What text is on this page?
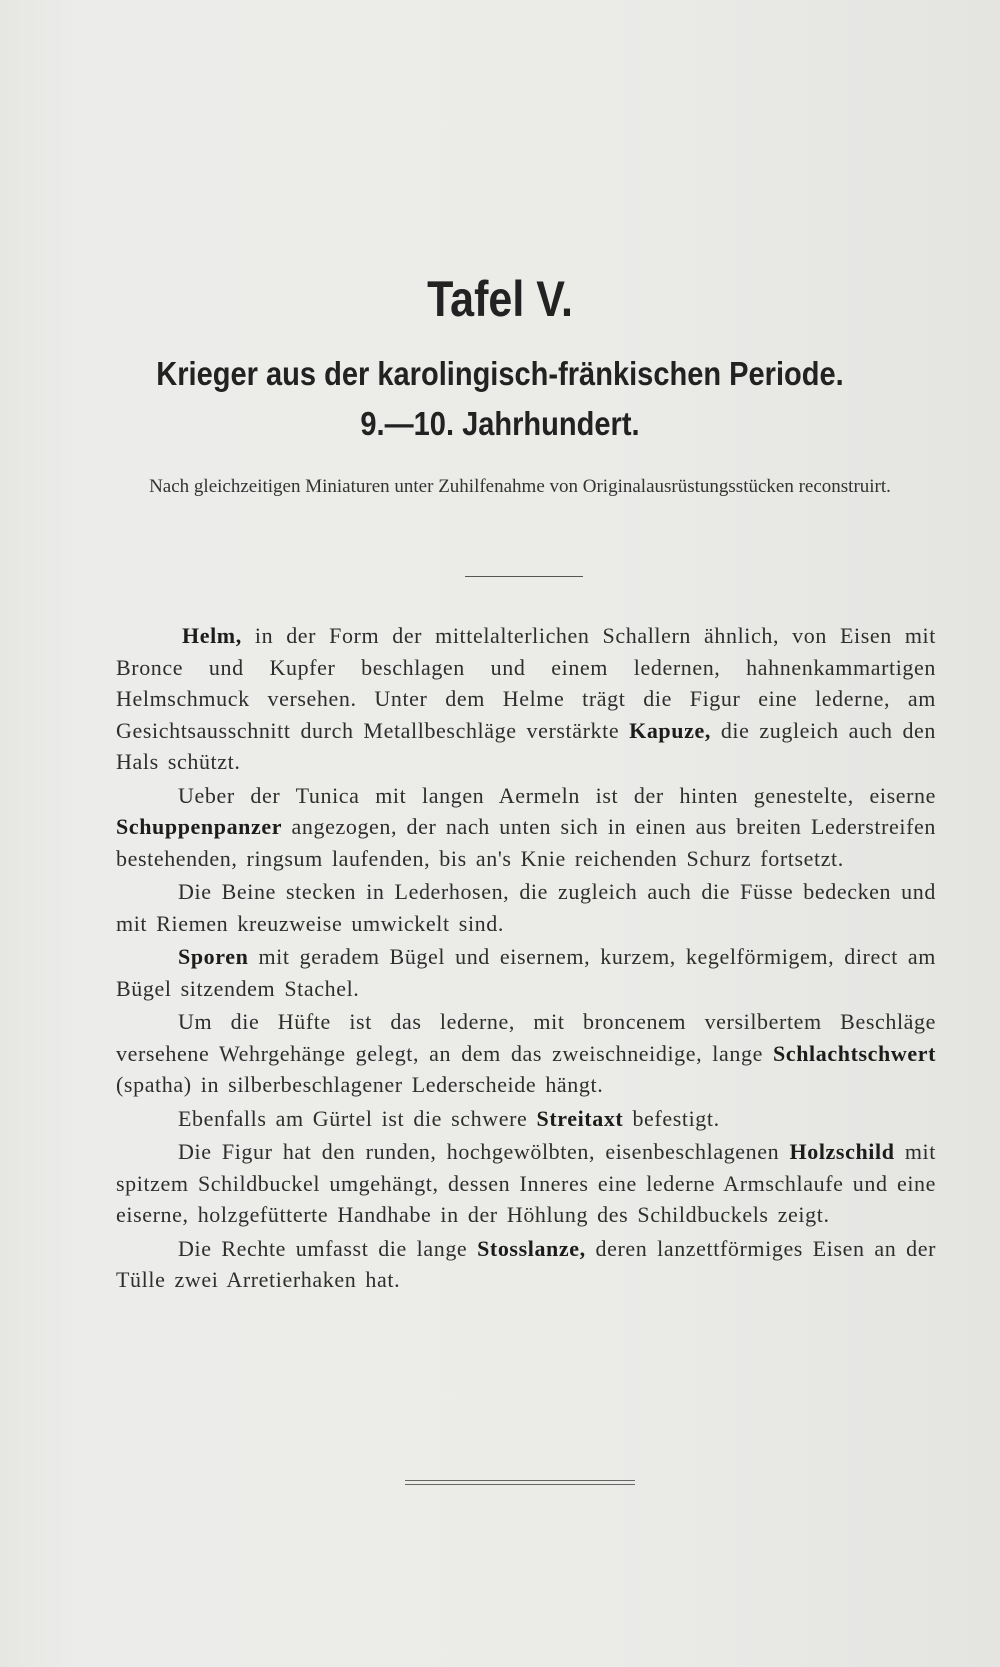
Tafel V.
Krieger aus der karolingisch-fränkischen Periode.
9.—10. Jahrhundert.
Nach gleichzeitigen Miniaturen unter Zuhilfenahme von Originalausrüstungsstücken reconstruirt.

Helm, in der Form der mittelalterlichen Schallern ähnlich, von Eisen mit Bronce und Kupfer beschlagen und einem ledernen, hahnenkammartigen Helmschmuck versehen. Unter dem Helme trägt die Figur eine lederne, am Gesichtsausschnitt durch Metallbeschläge verstärkte Kapuze, die zugleich auch den Hals schützt.

Ueber der Tunica mit langen Aermeln ist der hinten genestelte, eiserne Schuppenpanzer angezogen, der nach unten sich in einen aus breiten Lederstreifen bestehenden, ringsum laufenden, bis an's Knie reichenden Schurz fortsetzt.

Die Beine stecken in Lederhosen, die zugleich auch die Füsse bedecken und mit Riemen kreuzweise umwickelt sind.

Sporen mit geradem Bügel und eisernem, kurzem, kegelförmigem, direct am Bügel sitzendem Stachel.

Um die Hüfte ist das lederne, mit broncenem versilbertem Beschläge versehene Wehrgehänge gelegt, an dem das zweischneidige, lange Schlachtschwert (spatha) in silberbeschlagener Lederscheide hängt.

Ebenfalls am Gürtel ist die schwere Streitaxt befestigt.

Die Figur hat den runden, hochgewölbten, eisenbeschlagenen Holzschild mit spitzem Schildbuckel umgehängt, dessen Inneres eine lederne Armschlaufe und eine eiserne, holzgefütterte Handhabe in der Höhlung des Schildbuckels zeigt.

Die Rechte umfasst die lange Stosslanze, deren lanzettförmiges Eisen an der Tülle zwei Arretierhaken hat.
